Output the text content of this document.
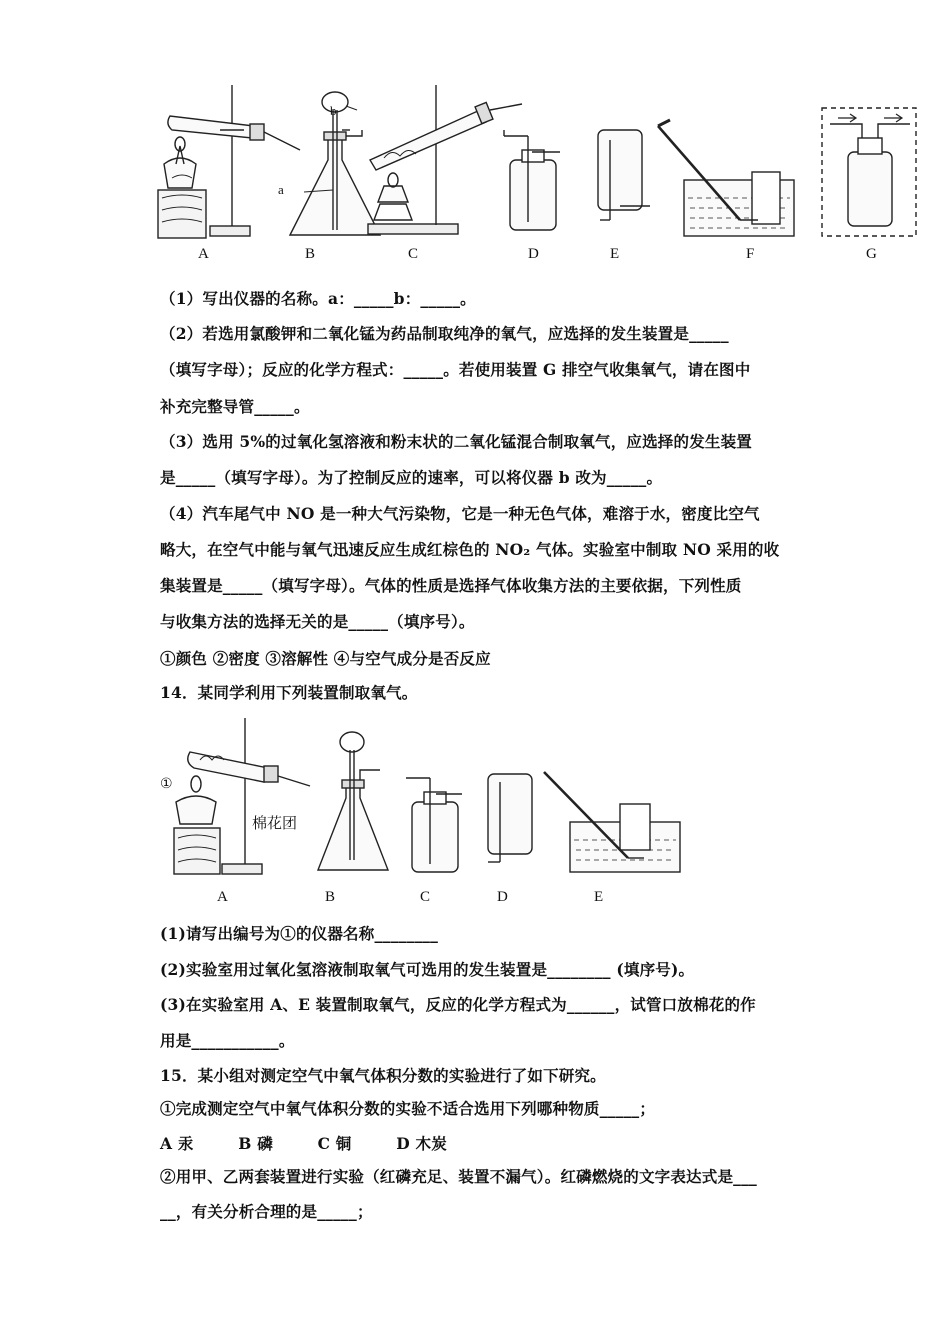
A	B	C	D	E	F	G
a
b
（1）写出仪器的名称。a：_____b：_____。
（2）若选用氯酸钾和二氧化锰为药品制取纯净的氧气，应选择的发生装置是_____
（填写字母）；反应的化学方程式：_____。若使用装置 G 排空气收集氧气，请在图中
补充完整导管_____。
（3）选用 5%的过氧化氢溶液和粉末状的二氧化锰混合制取氧气，应选择的发生装置
是_____（填写字母）。为了控制反应的速率，可以将仪器 b 改为_____。
（4）汽车尾气中 NO 是一种大气污染物，它是一种无色气体，难溶于水，密度比空气
略大，在空气中能与氧气迅速反应生成红棕色的 NO₂ 气体。实验室中制取 NO 采用的收
集装置是_____（填写字母）。气体的性质是选择气体收集方法的主要依据，下列性质
与收集方法的选择无关的是_____（填序号）。
①颜色 ②密度 ③溶解性 ④与空气成分是否反应
14．某同学利用下列装置制取氧气。
①
棉花团
A	B	C	D	E
(1)请写出编号为①的仪器名称________
(2)实验室用过氧化氢溶液制取氧气可选用的发生装置是________ (填序号)。
(3)在实验室用 A、E 装置制取氧气，反应的化学方程式为______，试管口放棉花的作
用是___________。
15．某小组对测定空气中氧气体积分数的实验进行了如下研究。
①完成测定空气中氧气体积分数的实验不适合选用下列哪种物质_____；
A 汞        B 磷        C 铜        D 木炭
②用甲、乙两套装置进行实验（红磷充足、装置不漏气）。红磷燃烧的文字表达式是___
__，有关分析合理的是_____；
